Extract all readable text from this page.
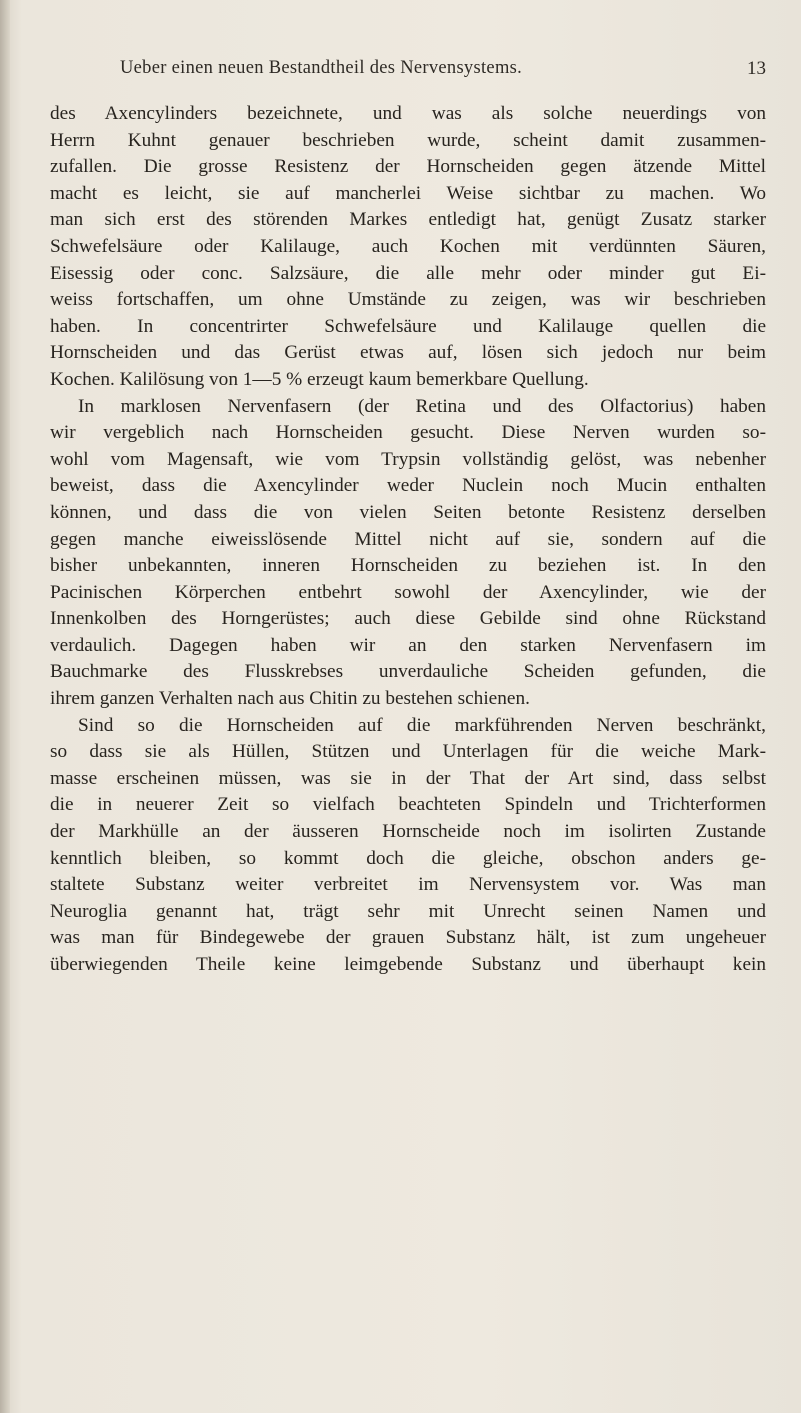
Ueber einen neuen Bestandtheil des Nervensystems.	13
des Axencylinders bezeichnete, und was als solche neuerdings von
Herrn Kuhnt genauer beschrieben wurde, scheint damit zusammen-
zufallen. Die grosse Resistenz der Hornscheiden gegen ätzende Mittel
macht es leicht, sie auf mancherlei Weise sichtbar zu machen. Wo
man sich erst des störenden Markes entledigt hat, genügt Zusatz starker
Schwefelsäure oder Kalilauge, auch Kochen mit verdünnten Säuren,
Eisessig oder conc. Salzsäure, die alle mehr oder minder gut Ei-
weiss fortschaffen, um ohne Umstände zu zeigen, was wir beschrieben
haben. In concentrirter Schwefelsäure und Kalilauge quellen die
Hornscheiden und das Gerüst etwas auf, lösen sich jedoch nur beim
Kochen. Kalilösung von 1—5 % erzeugt kaum bemerkbare Quellung.
In marklosen Nervenfasern (der Retina und des Olfactorius) haben
wir vergeblich nach Hornscheiden gesucht. Diese Nerven wurden so-
wohl vom Magensaft, wie vom Trypsin vollständig gelöst, was nebenher
beweist, dass die Axencylinder weder Nuclein noch Mucin enthalten
können, und dass die von vielen Seiten betonte Resistenz derselben
gegen manche eiweisslösende Mittel nicht auf sie, sondern auf die
bisher unbekannten, inneren Hornscheiden zu beziehen ist. In den
Pacinischen Körperchen entbehrt sowohl der Axencylinder, wie der
Innenkolben des Horngerüstes; auch diese Gebilde sind ohne Rückstand
verdaulich. Dagegen haben wir an den starken Nervenfasern im
Bauchmarke des Flusskrebses unverdauliche Scheiden gefunden, die
ihrem ganzen Verhalten nach aus Chitin zu bestehen schienen.
Sind so die Hornscheiden auf die markführenden Nerven beschränkt,
so dass sie als Hüllen, Stützen und Unterlagen für die weiche Mark-
masse erscheinen müssen, was sie in der That der Art sind, dass selbst
die in neuerer Zeit so vielfach beachteten Spindeln und Trichterformen
der Markhülle an der äusseren Hornscheide noch im isolirten Zustande
kenntlich bleiben, so kommt doch die gleiche, obschon anders ge-
staltete Substanz weiter verbreitet im Nervensystem vor. Was man
Neuroglia genannt hat, trägt sehr mit Unrecht seinen Namen und
was man für Bindegewebe der grauen Substanz hält, ist zum ungeheuer
überwiegenden Theile keine leimgebende Substanz und überhaupt kein
